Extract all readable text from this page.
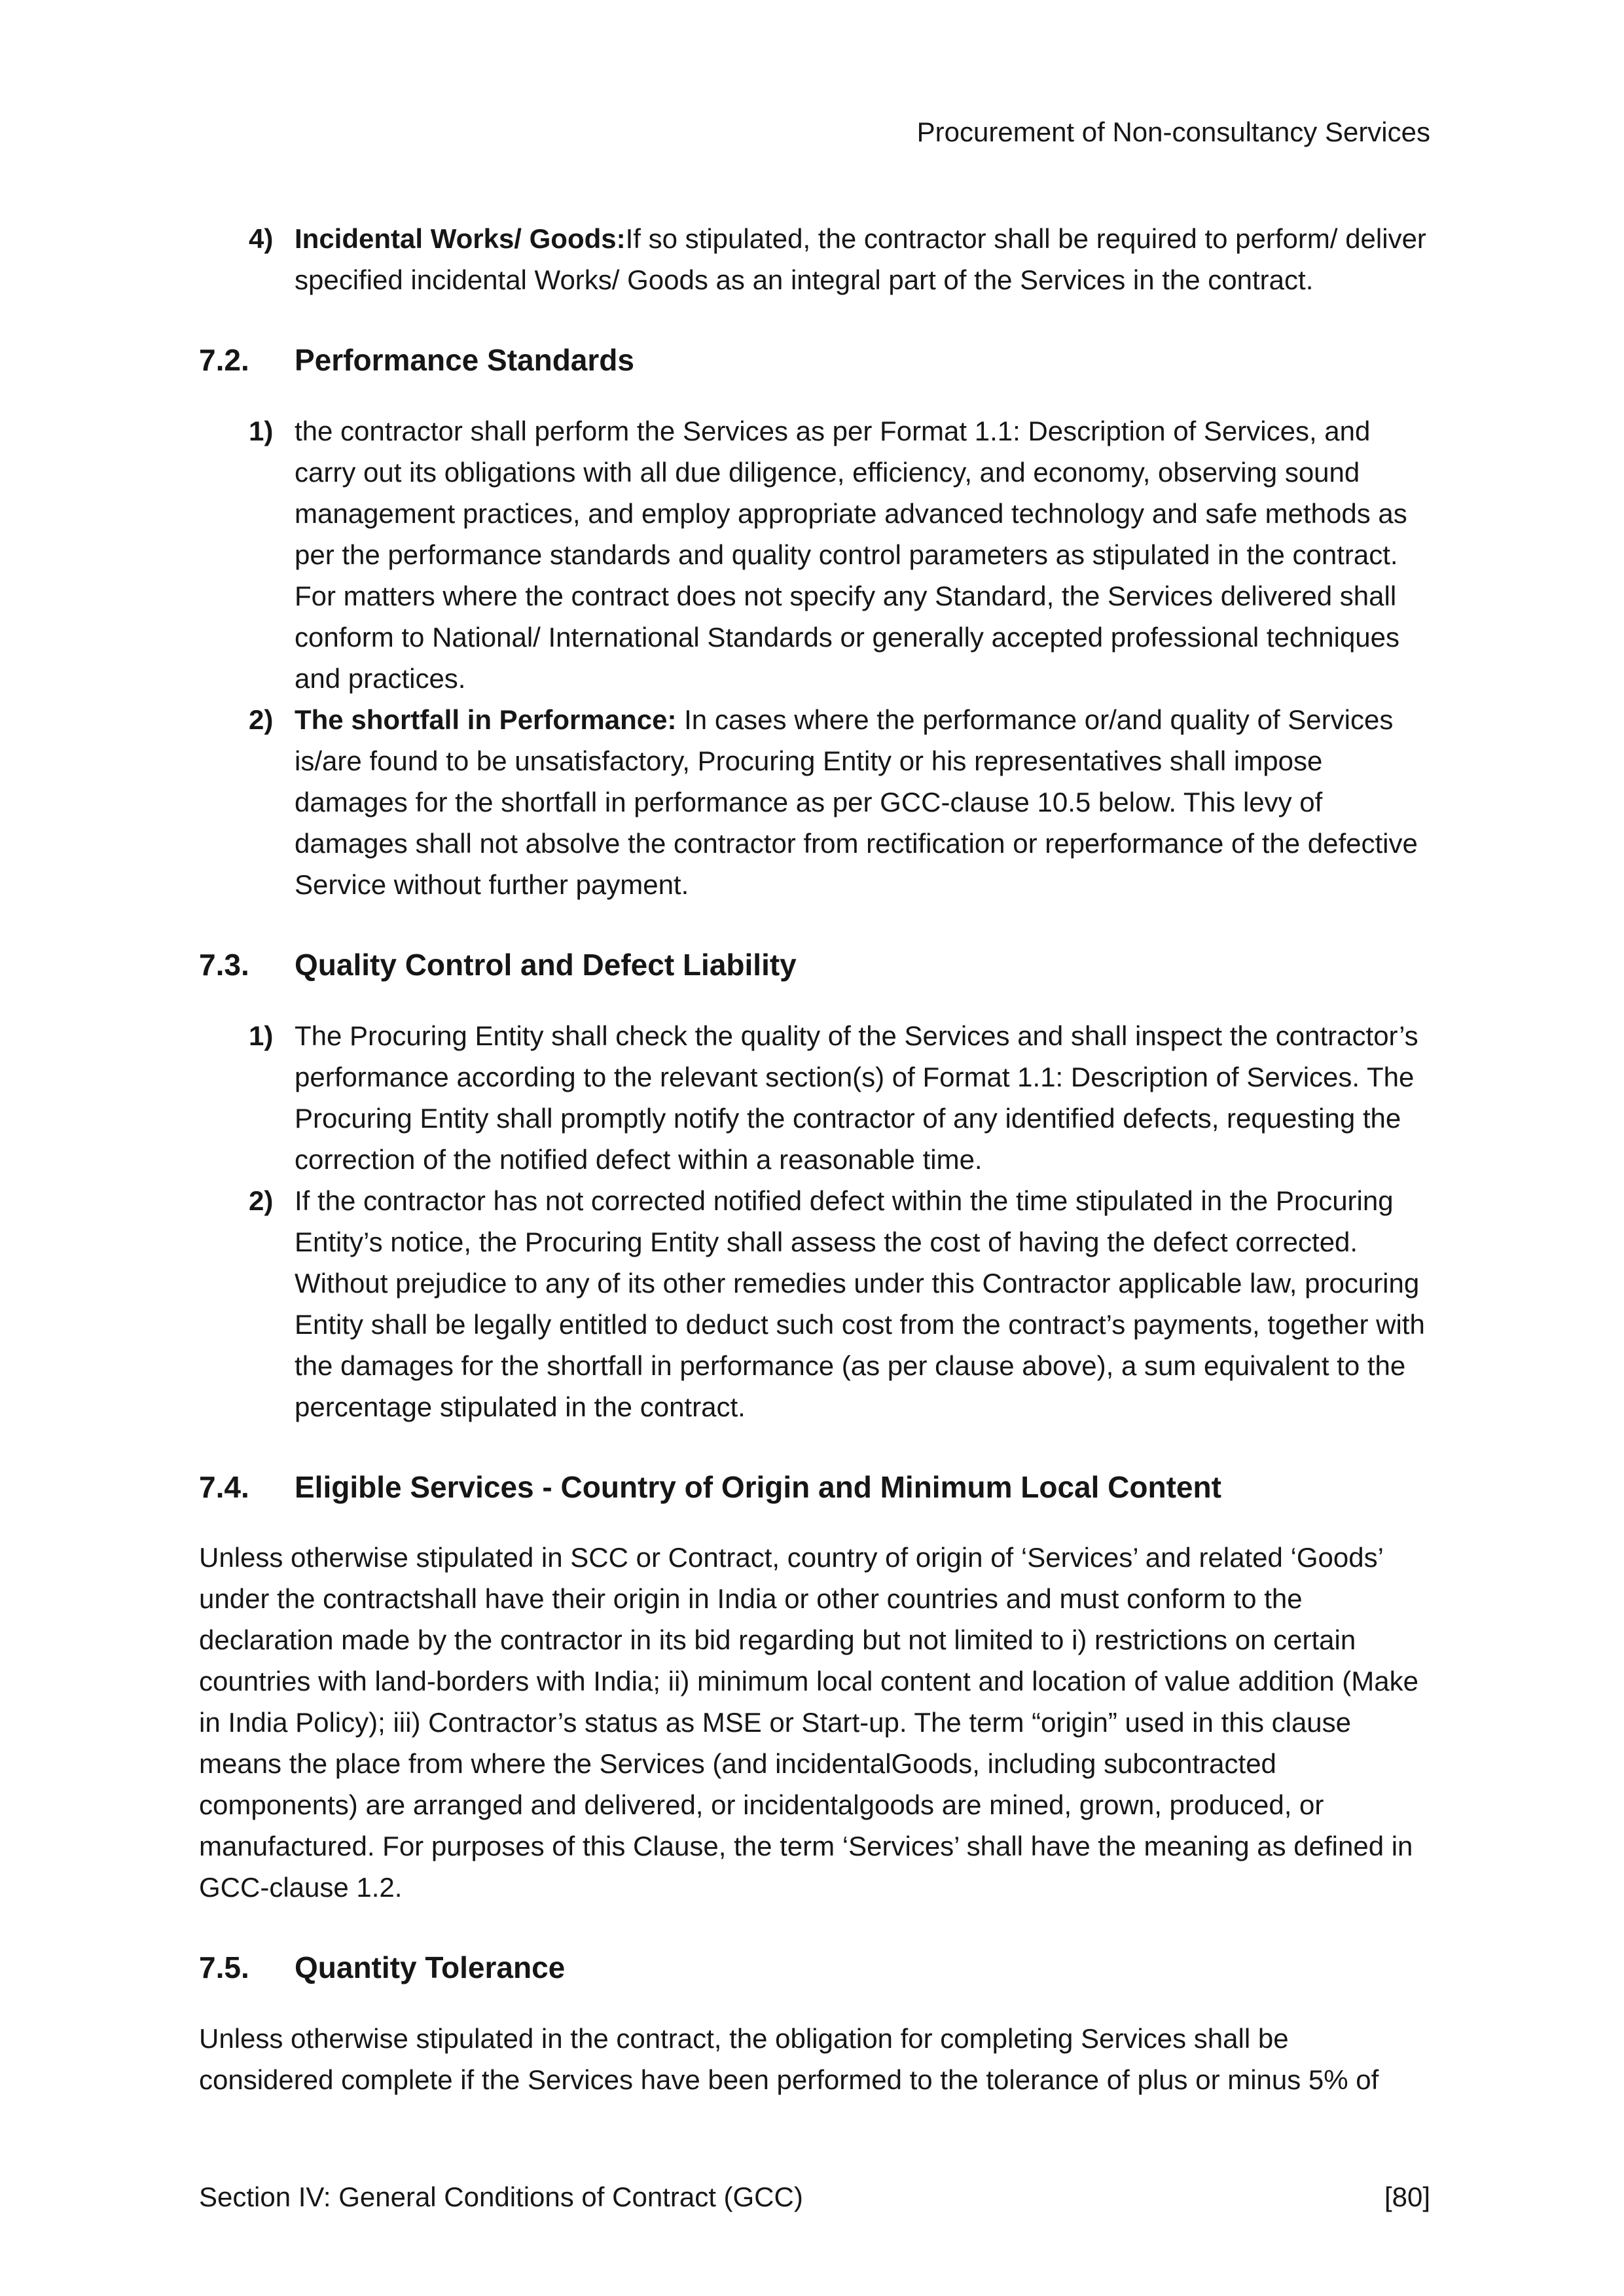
Procurement of Non-consultancy Services
4) Incidental Works/ Goods:If so stipulated, the contractor shall be required to perform/ deliver specified incidental Works/ Goods as an integral part of the Services in the contract.
7.2.	Performance Standards
1) the contractor shall perform the Services as per Format 1.1: Description of Services, and carry out its obligations with all due diligence, efficiency, and economy, observing sound management practices, and employ appropriate advanced technology and safe methods as per the performance standards and quality control parameters as stipulated in the contract. For matters where the contract does not specify any Standard, the Services delivered shall conform to National/ International Standards or generally accepted professional techniques and practices.
2) The shortfall in Performance: In cases where the performance or/and quality of Services is/are found to be unsatisfactory, Procuring Entity or his representatives shall impose damages for the shortfall in performance as per GCC-clause 10.5 below. This levy of damages shall not absolve the contractor from rectification or reperformance of the defective Service without further payment.
7.3.	Quality Control and Defect Liability
1) The Procuring Entity shall check the quality of the Services and shall inspect the contractor’s performance according to the relevant section(s) of Format 1.1: Description of Services. The Procuring Entity shall promptly notify the contractor of any identified defects, requesting the correction of the notified defect within a reasonable time.
2) If the contractor has not corrected notified defect within the time stipulated in the Procuring Entity’s notice, the Procuring Entity shall assess the cost of having the defect corrected. Without prejudice to any of its other remedies under this Contractor applicable law, procuring Entity shall be legally entitled to deduct such cost from the contract’s payments, together with the damages for the shortfall in performance (as per clause above), a sum equivalent to the percentage stipulated in the contract.
7.4.	Eligible Services - Country of Origin and Minimum Local Content

Unless otherwise stipulated in SCC or Contract, country of origin of ‘Services’ and related ‘Goods’ under the contractshall have their origin in India or other countries and must conform to the declaration made by the contractor in its bid regarding but not limited to i) restrictions on certain countries with land-borders with India; ii) minimum local content and location of value addition (Make in India Policy); iii) Contractor’s status as MSE or Start-up. The term “origin” used in this clause means the place from where the Services (and incidentalGoods, including subcontracted components) are arranged and delivered, or incidentalgoods are mined, grown, produced, or manufactured. For purposes of this Clause, the term ‘Services’ shall have the meaning as defined in GCC-clause 1.2.

7.5.	Quantity Tolerance

Unless otherwise stipulated in the contract, the obligation for completing Services shall be considered complete if the Services have been performed to the tolerance of plus or minus 5% of

Section IV: General Conditions of Contract (GCC)	[80]
